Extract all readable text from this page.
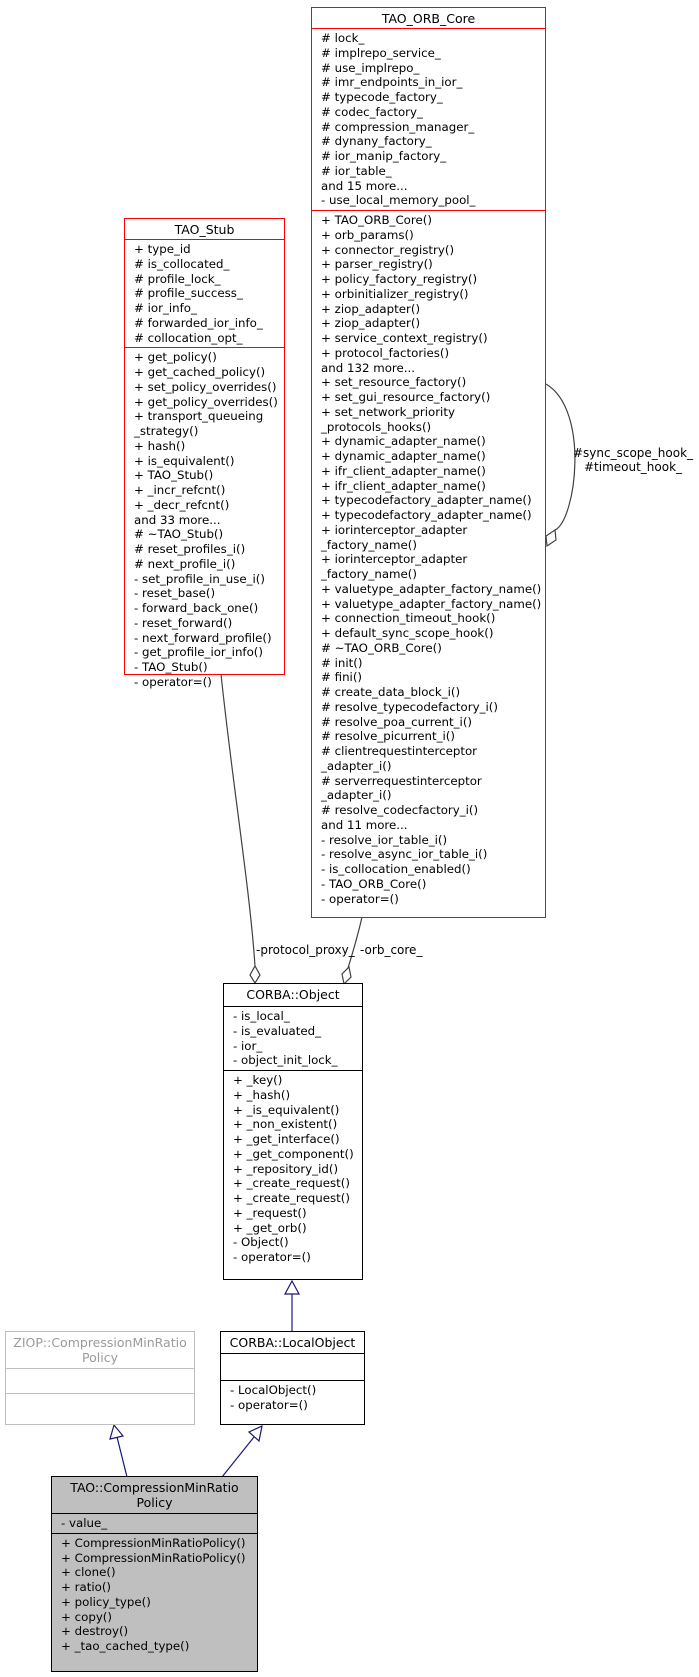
TAO_ORB_Core
# lock_
# implrepo_service_
# use_implrepo_
# imr_endpoints_in_ior_
# typecode_factory_
# codec_factory_
# compression_manager_
# dynany_factory_
# ior_manip_factory_
# ior_table_
and 15 more...
- use_local_memory_pool_
+ TAO_ORB_Core()
+ orb_params()
+ connector_registry()
+ parser_registry()
+ policy_factory_registry()
+ orbinitializer_registry()
+ ziop_adapter()
+ ziop_adapter()
+ service_context_registry()
+ protocol_factories()
and 132 more...
+ set_resource_factory()
+ set_gui_resource_factory()
+ set_network_priority
_protocols_hooks()
+ dynamic_adapter_name()
+ dynamic_adapter_name()
+ ifr_client_adapter_name()
+ ifr_client_adapter_name()
+ typecodefactory_adapter_name()
+ typecodefactory_adapter_name()
+ iorinterceptor_adapter
_factory_name()
+ iorinterceptor_adapter
_factory_name()
+ valuetype_adapter_factory_name()
+ valuetype_adapter_factory_name()
+ connection_timeout_hook()
+ default_sync_scope_hook()
# ~TAO_ORB_Core()
# init()
# fini()
# create_data_block_i()
# resolve_typecodefactory_i()
# resolve_poa_current_i()
# resolve_picurrent_i()
# clientrequestinterceptor
_adapter_i()
# serverrequestinterceptor
_adapter_i()
# resolve_codecfactory_i()
and 11 more...
- resolve_ior_table_i()
- resolve_async_ior_table_i()
- is_collocation_enabled()
- TAO_ORB_Core()
- operator=()
TAO_Stub
+ type_id
# is_collocated_
# profile_lock_
# profile_success_
# ior_info_
# forwarded_ior_info_
# collocation_opt_
+ get_policy()
+ get_cached_policy()
+ set_policy_overrides()
+ get_policy_overrides()
+ transport_queueing
_strategy()
+ hash()
+ is_equivalent()
+ TAO_Stub()
+ _incr_refcnt()
+ _decr_refcnt()
and 33 more...
# ~TAO_Stub()
# reset_profiles_i()
# next_profile_i()
- set_profile_in_use_i()
- reset_base()
- forward_back_one()
- reset_forward()
- next_forward_profile()
- get_profile_ior_info()
- TAO_Stub()
- operator=()
CORBA::Object
- is_local_
- is_evaluated_
- ior_
- object_init_lock_
+ _key()
+ _hash()
+ _is_equivalent()
+ _non_existent()
+ _get_interface()
+ _get_component()
+ _repository_id()
+ _create_request()
+ _create_request()
+ _request()
+ _get_orb()
- Object()
- operator=()
CORBA::LocalObject
- LocalObject()
- operator=()
ZIOP::CompressionMinRatio
Policy
TAO::CompressionMinRatio
Policy
- value_
+ CompressionMinRatioPolicy()
+ CompressionMinRatioPolicy()
+ clone()
+ ratio()
+ policy_type()
+ copy()
+ destroy()
+ _tao_cached_type()
#sync_scope_hook_
#timeout_hook_
-protocol_proxy_ -orb_core_
